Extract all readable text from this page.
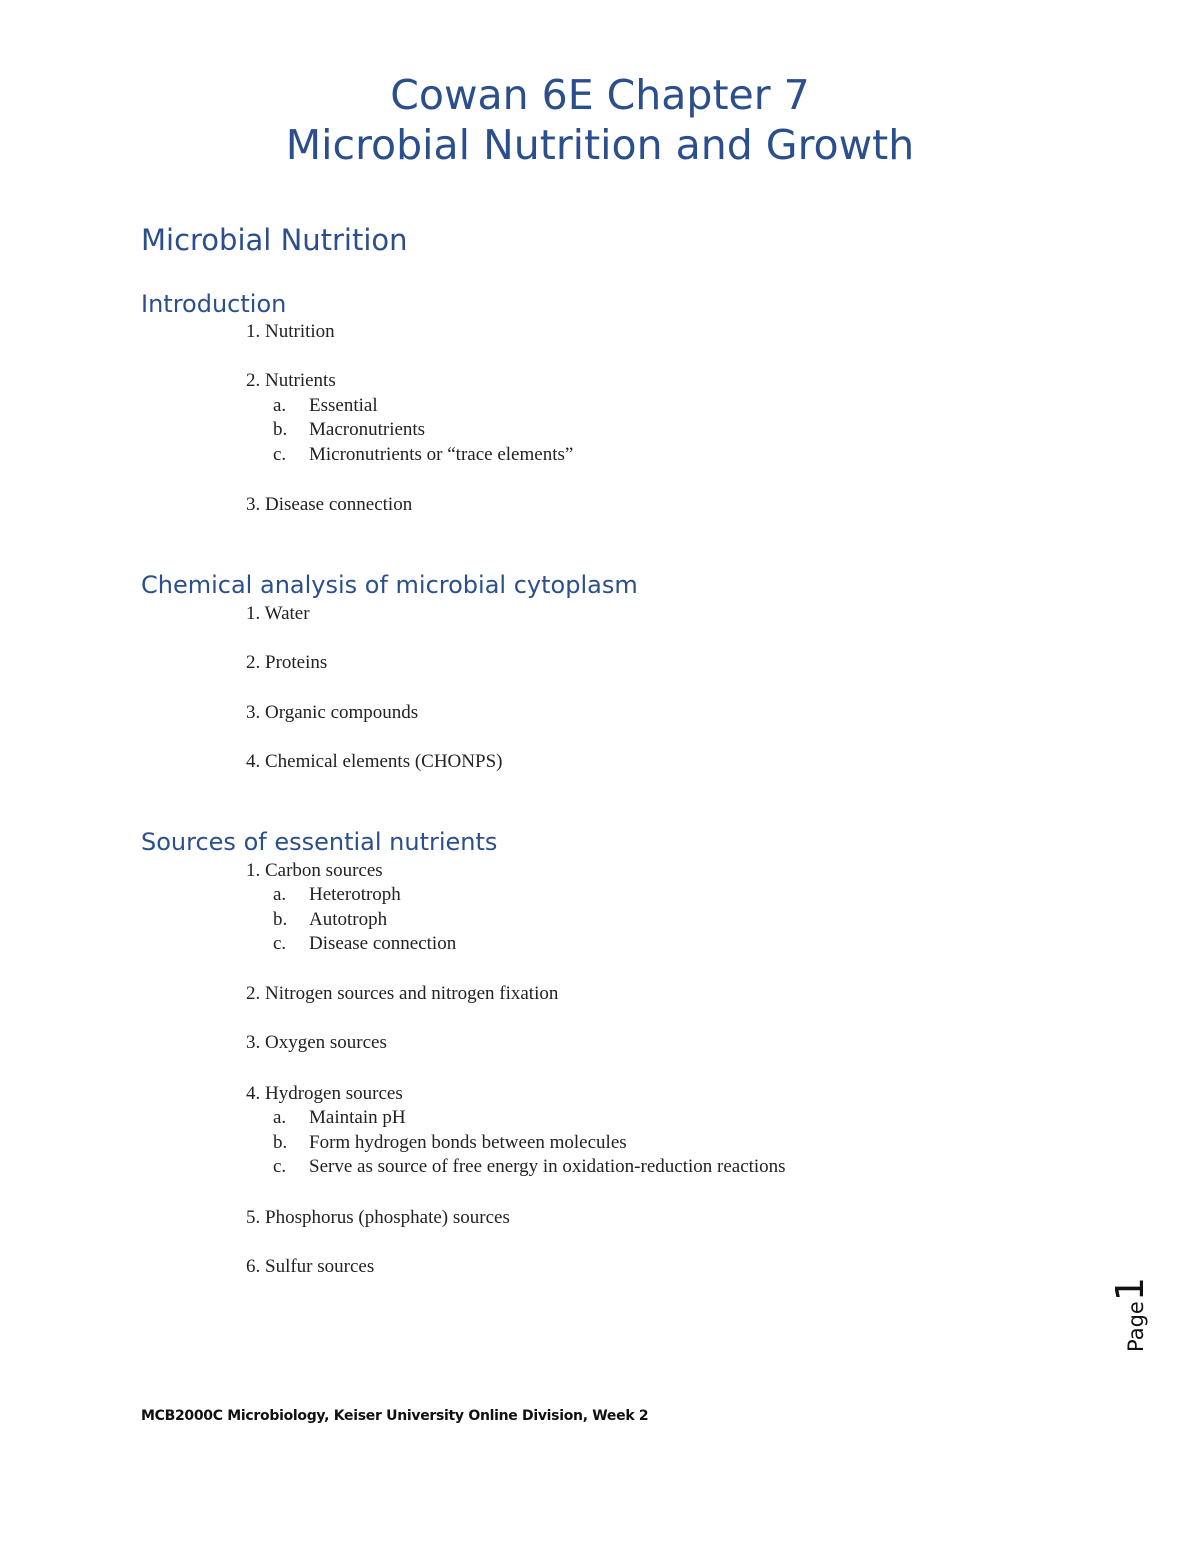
Cowan 6E Chapter 7
Microbial Nutrition and Growth
Microbial Nutrition
Introduction
1. Nutrition
2. Nutrients
a. Essential
b. Macronutrients
c. Micronutrients or “trace elements”
3. Disease connection
Chemical analysis of microbial cytoplasm
1. Water
2. Proteins
3. Organic compounds
4. Chemical elements (CHONPS)
Sources of essential nutrients
1. Carbon sources
a. Heterotroph
b. Autotroph
c. Disease connection
2. Nitrogen sources and nitrogen fixation
3. Oxygen sources
4. Hydrogen sources
a. Maintain pH
b. Form hydrogen bonds between molecules
c. Serve as source of free energy in oxidation-reduction reactions
5. Phosphorus (phosphate) sources
6. Sulfur sources
Page1
MCB2000C Microbiology, Keiser University Online Division, Week 2
